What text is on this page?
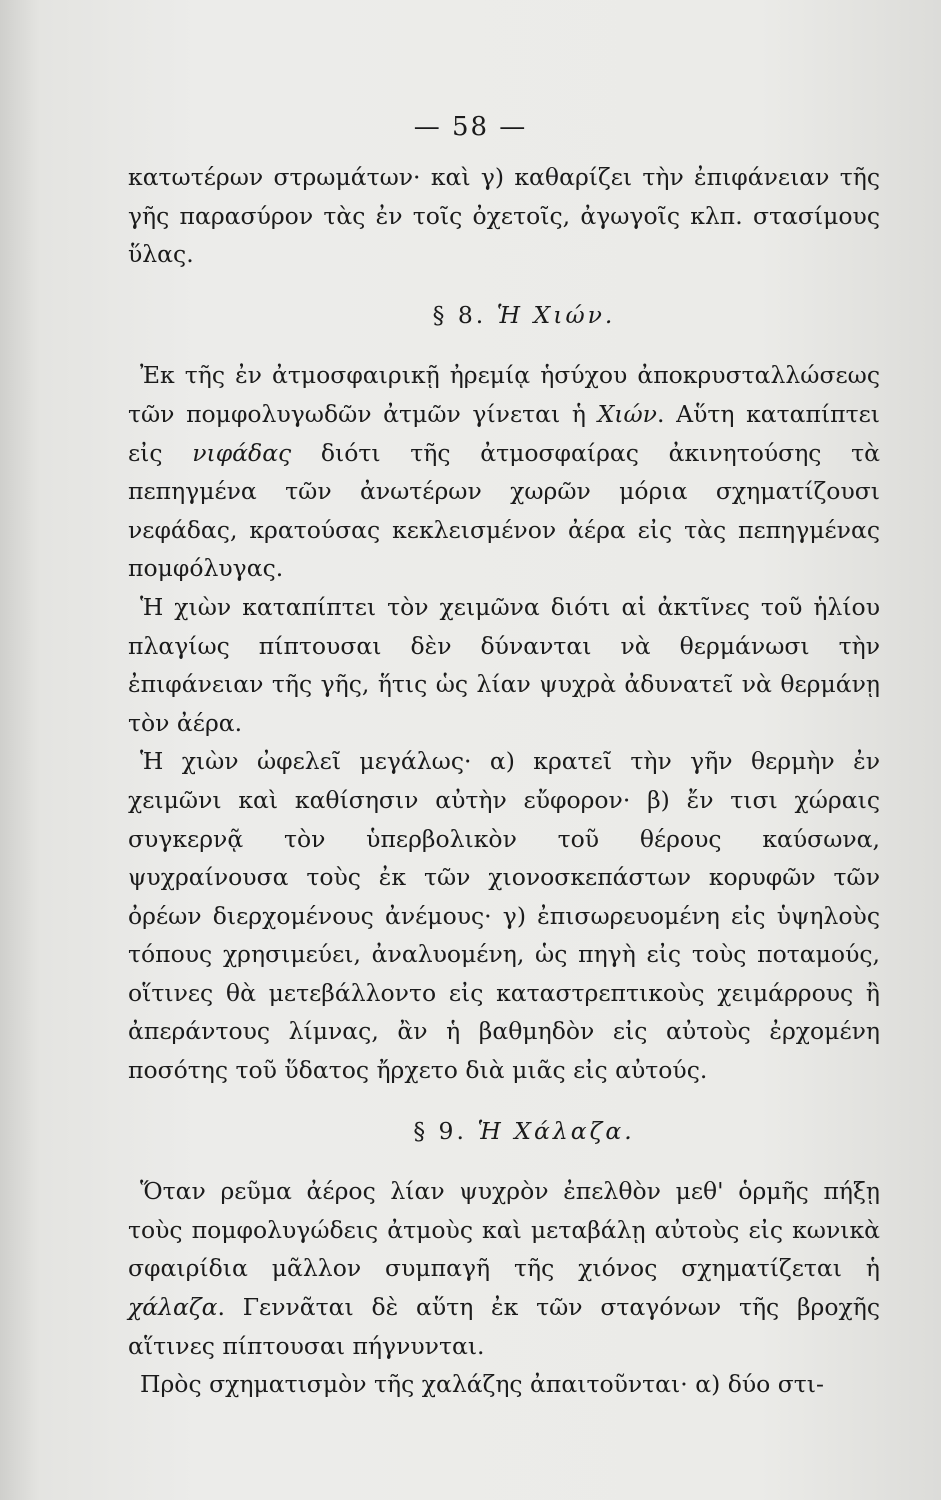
— 58 —

κατωτέρων στρωμάτων· καὶ γ) καθαρίζει τὴν ἐπιφάνειαν τῆς γῆς παρασύρον τὰς ἐν τοῖς ὀχετοῖς, ἀγωγοῖς κλπ. στασίμους ὕλας.

§ 8. Ἡ Χιών.

Ἐκ τῆς ἐν ἀτμοσφαιρικῇ ἠρεμίᾳ ἡσύχου ἀποκρυσταλλώσεως τῶν πομφολυγωδῶν ἀτμῶν γίνεται ἡ Χιών. Αὕτη καταπίπτει εἰς νιφάδας διότι τῆς ἀτμοσφαίρας ἀκινητούσης τὰ πεπηγμένα τῶν ἀνωτέρων χωρῶν μόρια σχηματίζουσι νεφάδας, κρατούσας κεκλεισμένον ἀέρα εἰς τὰς πεπηγμένας πομφόλυγας.

Ἡ χιὼν καταπίπτει τὸν χειμῶνα διότι αἱ ἀκτῖνες τοῦ ἡλίου πλαγίως πίπτουσαι δὲν δύνανται νὰ θερμάνωσι τὴν ἐπιφάνειαν τῆς γῆς, ἥτις ὡς λίαν ψυχρὰ ἀδυνατεῖ νὰ θερμάνῃ τὸν ἀέρα.

Ἡ χιὼν ὠφελεῖ μεγάλως· α) κρατεῖ τὴν γῆν θερμὴν ἐν χειμῶνι καὶ καθίσησιν αὐτὴν εὔφορον· β) ἔν τισι χώραις συγκερνᾷ τὸν ὑπερβολικὸν τοῦ θέρους καύσωνα, ψυχραίνουσα τοὺς ἐκ τῶν χιονοσκεπάστων κορυφῶν τῶν ὀρέων διερχομένους ἀνέμους· γ) ἐπισωρευομένη εἰς ὑψηλοὺς τόπους χρησιμεύει, ἀναλυομένη, ὡς πηγὴ εἰς τοὺς ποταμούς, οἵτινες θὰ μετεβάλλοντο εἰς καταστρεπτικοὺς χειμάρρους ἢ ἀπεράντους λίμνας, ἂν ἡ βαθμηδὸν εἰς αὐτοὺς ἐρχομένη ποσότης τοῦ ὕδατος ἤρχετο διὰ μιᾶς εἰς αὐτούς.

§ 9. Ἡ Χάλαζα.

Ὅταν ρεῦμα ἀέρος λίαν ψυχρὸν ἐπελθὸν μεθ' ὁρμῆς πήξῃ τοὺς πομφολυγώδεις ἀτμοὺς καὶ μεταβάλῃ αὐτοὺς εἰς κωνικὰ σφαιρίδια μᾶλλον συμπαγῆ τῆς χιόνος σχηματίζεται ἡ χάλαζα. Γεννᾶται δὲ αὕτη ἐκ τῶν σταγόνων τῆς βροχῆς αἵτινες πίπτουσαι πήγνυνται.

Πρὸς σχηματισμὸν τῆς χαλάζης ἀπαιτοῦνται· α) δύο στι-
